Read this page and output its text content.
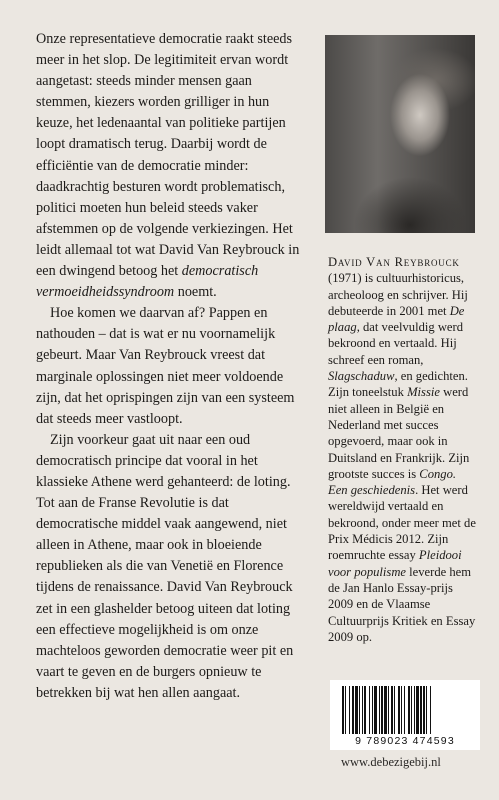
Onze representatieve democratie raakt steeds meer in het slop. De legitimiteit ervan wordt aangetast: steeds minder mensen gaan stemmen, kiezers worden grilliger in hun keuze, het ledenaantal van politieke partijen loopt dramatisch terug. Daarbij wordt de efficiëntie van de democratie minder: daadkrachtig besturen wordt problematisch, politici moeten hun beleid steeds vaker afstemmen op de volgende verkiezingen. Het leidt allemaal tot wat David Van Reybrouck in een dwingend betoog het democratisch vermoeidheidssyndroom noemt.

Hoe komen we daarvan af? Pappen en nathouden – dat is wat er nu voornamelijk gebeurt. Maar Van Reybrouck vreest dat marginale oplossingen niet meer voldoende zijn, dat het oprispingen zijn van een systeem dat steeds meer vastloopt.

Zijn voorkeur gaat uit naar een oud democratisch principe dat vooral in het klassieke Athene werd gehanteerd: de loting. Tot aan de Franse Revolutie is dat democratische middel vaak aangewend, niet alleen in Athene, maar ook in bloeiende republieken als die van Venetië en Florence tijdens de renaissance. David Van Reybrouck zet in een glashelder betoog uiteen dat loting een effectieve mogelijkheid is om onze machteloos geworden democratie weer pit en vaart te geven en de burgers opnieuw te betrekken bij wat hen allen aangaat.

David Van Reybrouck (1971) is cultuurhistoricus, archeoloog en schrijver. Hij debuteerde in 2001 met De plaag, dat veelvuldig werd bekroond en vertaald. Hij schreef een roman, Slagschaduw, en gedichten. Zijn toneelstuk Missie werd niet alleen in België en Nederland met succes opgevoerd, maar ook in Duitsland en Frankrijk. Zijn grootste succes is Congo. Een geschiedenis. Het werd wereldwijd vertaald en bekroond, onder meer met de Prix Médicis 2012. Zijn roemruchte essay Pleidooi voor populisme leverde hem de Jan Hanlo Essay-prijs 2009 en de Vlaamse Cultuurprijs Kritiek en Essay 2009 op.

9 789023 474593
www.debezigebij.nl
